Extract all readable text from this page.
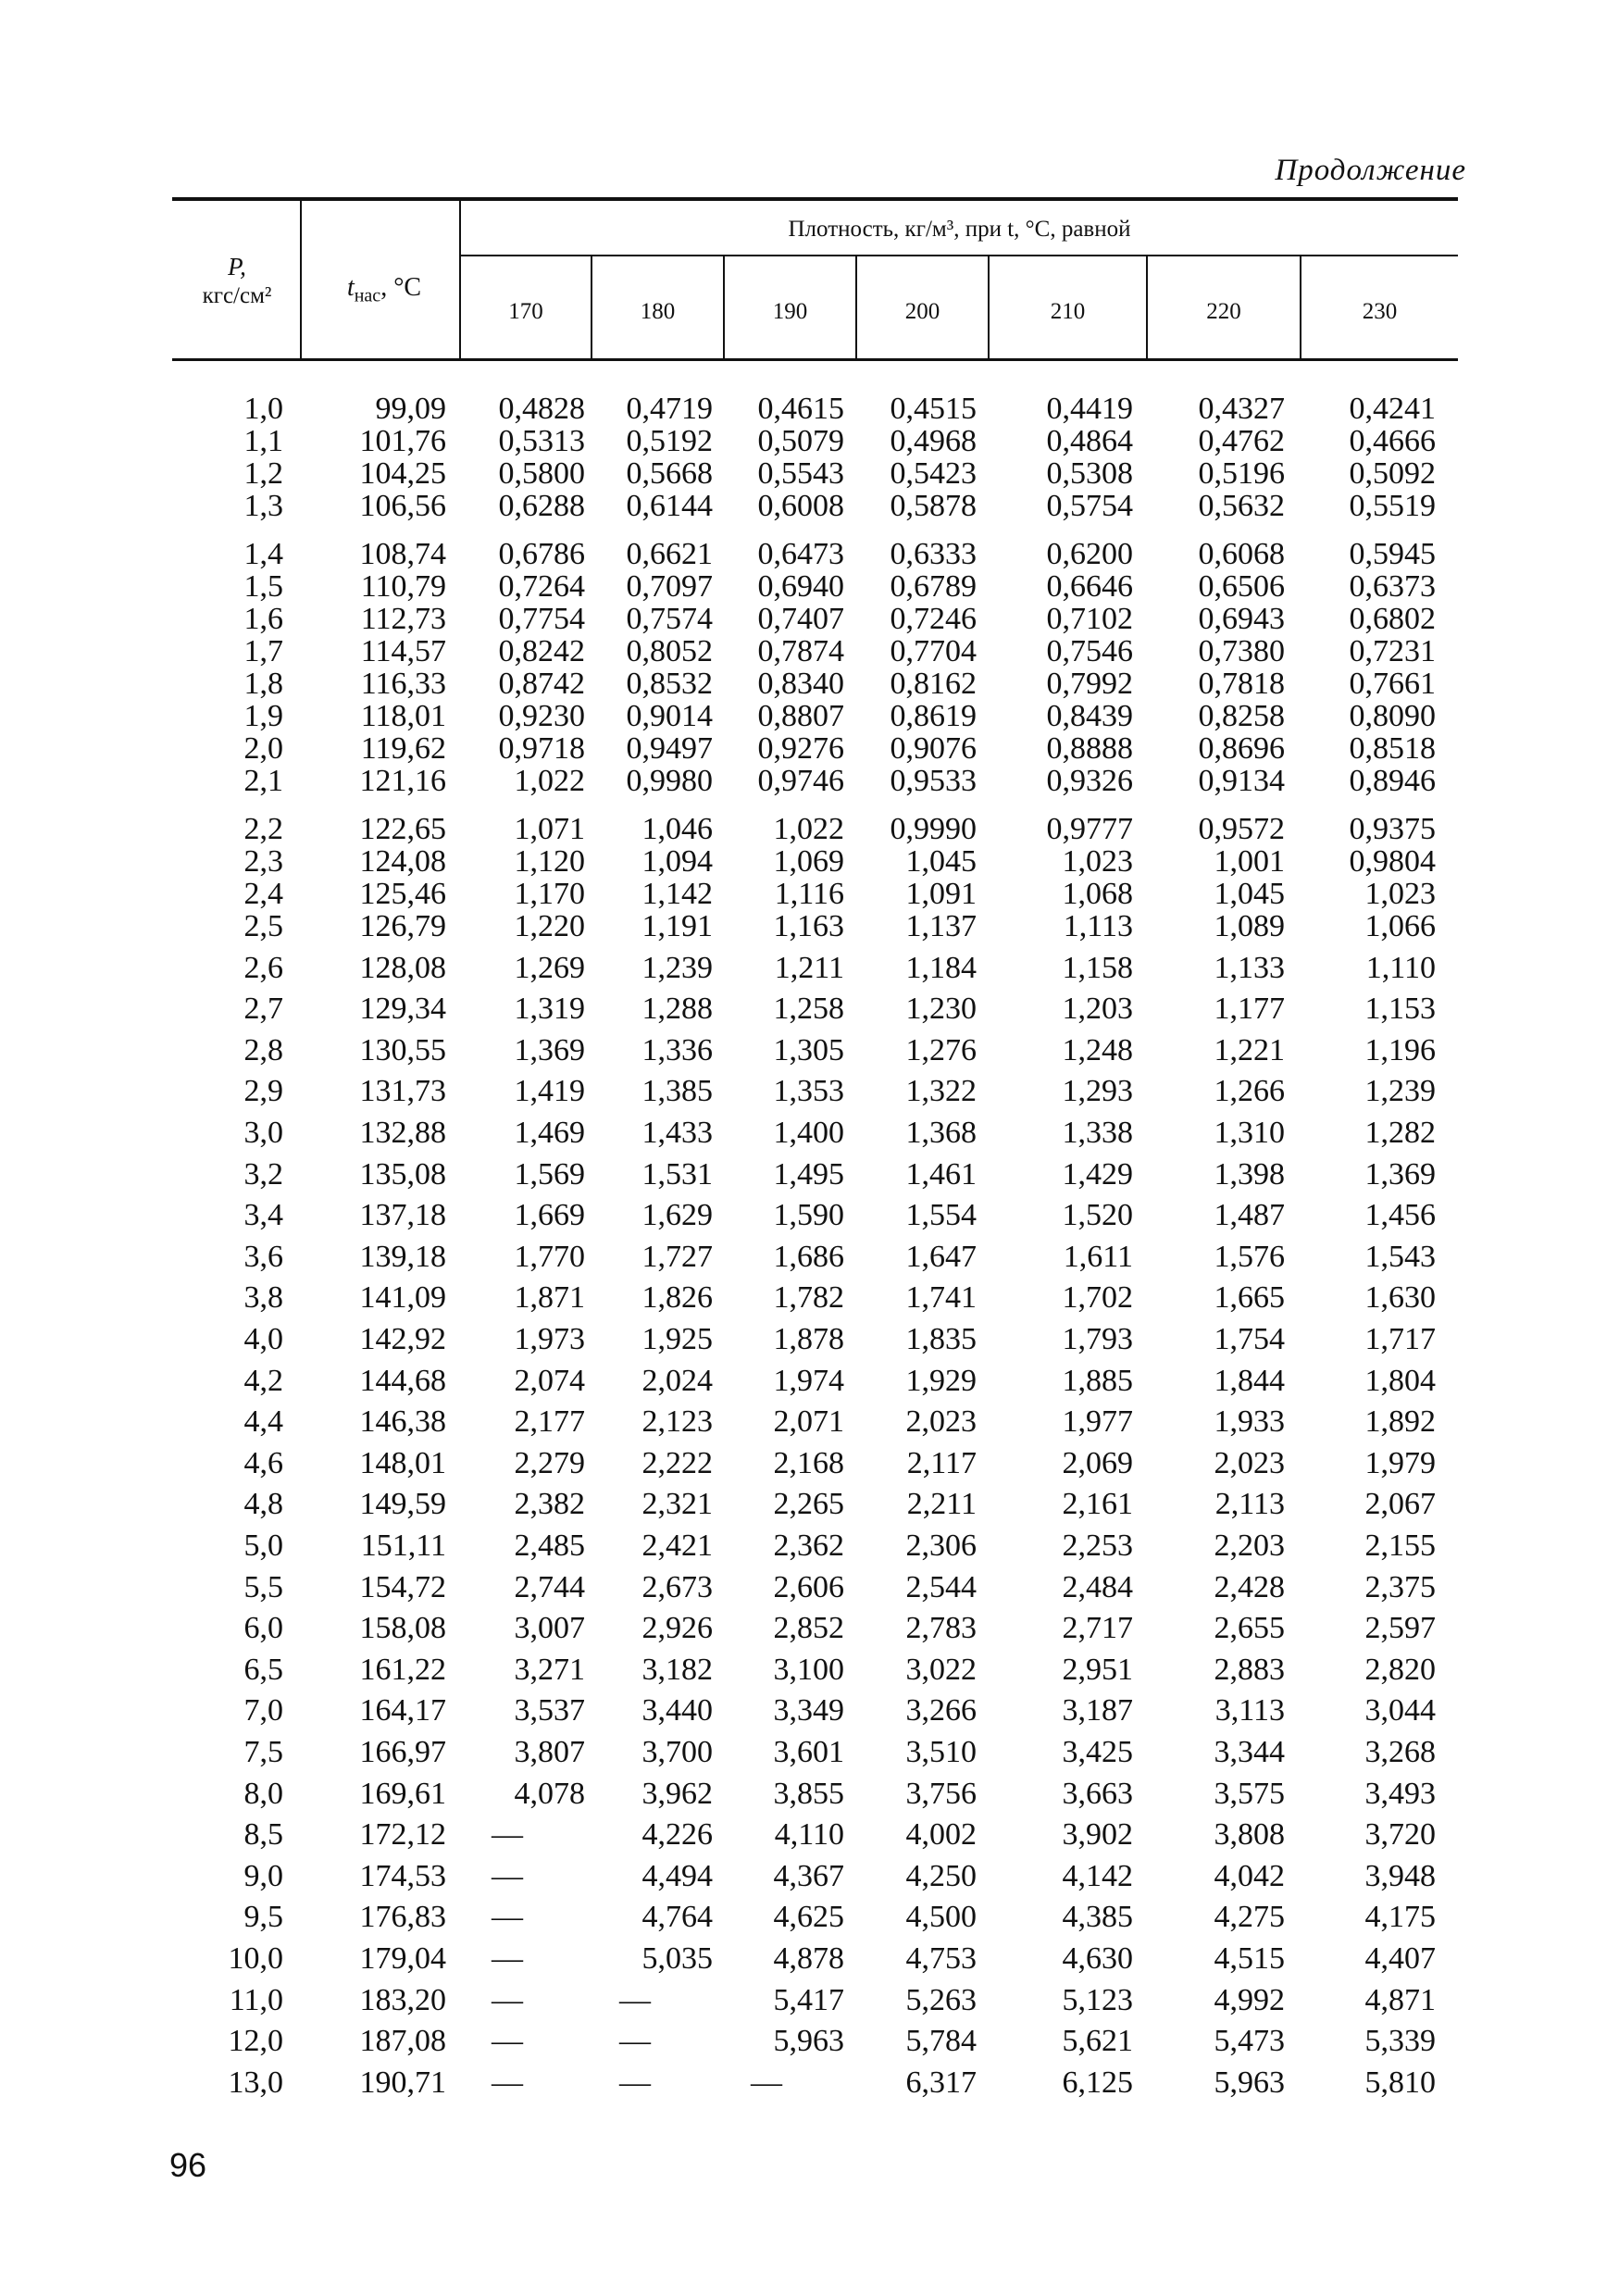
Продолжение
P,
кгс/см²	$t_{нас}$, °C
Плотность, кг/м³, при t, °C, равной
170	180	190	200	210	220	230
1,0	99,09	0,4828	0,4719	0,4615	0,4515	0,4419	0,4327	0,4241
1,1	101,76	0,5313	0,5192	0,5079	0,4968	0,4864	0,4762	0,4666
1,2	104,25	0,5800	0,5668	0,5543	0,5423	0,5308	0,5196	0,5092
1,3	106,56	0,6288	0,6144	0,6008	0,5878	0,5754	0,5632	0,5519
1,4	108,74	0,6786	0,6621	0,6473	0,6333	0,6200	0,6068	0,5945
1,5	110,79	0,7264	0,7097	0,6940	0,6789	0,6646	0,6506	0,6373
1,6	112,73	0,7754	0,7574	0,7407	0,7246	0,7102	0,6943	0,6802
1,7	114,57	0,8242	0,8052	0,7874	0,7704	0,7546	0,7380	0,7231
1,8	116,33	0,8742	0,8532	0,8340	0,8162	0,7992	0,7818	0,7661
1,9	118,01	0,9230	0,9014	0,8807	0,8619	0,8439	0,8258	0,8090
2,0	119,62	0,9718	0,9497	0,9276	0,9076	0,8888	0,8696	0,8518
2,1	121,16	1,022	0,9980	0,9746	0,9533	0,9326	0,9134	0,8946
2,2	122,65	1,071	1,046	1,022	0,9990	0,9777	0,9572	0,9375
2,3	124,08	1,120	1,094	1,069	1,045	1,023	1,001	0,9804
2,4	125,46	1,170	1,142	1,116	1,091	1,068	1,045	1,023
2,5	126,79	1,220	1,191	1,163	1,137	1,113	1,089	1,066
2,6	128,08	1,269	1,239	1,211	1,184	1,158	1,133	1,110
2,7	129,34	1,319	1,288	1,258	1,230	1,203	1,177	1,153
2,8	130,55	1,369	1,336	1,305	1,276	1,248	1,221	1,196
2,9	131,73	1,419	1,385	1,353	1,322	1,293	1,266	1,239
3,0	132,88	1,469	1,433	1,400	1,368	1,338	1,310	1,282
3,2	135,08	1,569	1,531	1,495	1,461	1,429	1,398	1,369
3,4	137,18	1,669	1,629	1,590	1,554	1,520	1,487	1,456
3,6	139,18	1,770	1,727	1,686	1,647	1,611	1,576	1,543
3,8	141,09	1,871	1,826	1,782	1,741	1,702	1,665	1,630
4,0	142,92	1,973	1,925	1,878	1,835	1,793	1,754	1,717
4,2	144,68	2,074	2,024	1,974	1,929	1,885	1,844	1,804
4,4	146,38	2,177	2,123	2,071	2,023	1,977	1,933	1,892
4,6	148,01	2,279	2,222	2,168	2,117	2,069	2,023	1,979
4,8	149,59	2,382	2,321	2,265	2,211	2,161	2,113	2,067
5,0	151,11	2,485	2,421	2,362	2,306	2,253	2,203	2,155
5,5	154,72	2,744	2,673	2,606	2,544	2,484	2,428	2,375
6,0	158,08	3,007	2,926	2,852	2,783	2,717	2,655	2,597
6,5	161,22	3,271	3,182	3,100	3,022	2,951	2,883	2,820
7,0	164,17	3,537	3,440	3,349	3,266	3,187	3,113	3,044
7,5	166,97	3,807	3,700	3,601	3,510	3,425	3,344	3,268
8,0	169,61	4,078	3,962	3,855	3,756	3,663	3,575	3,493
8,5	172,12	—	4,226	4,110	4,002	3,902	3,808	3,720
9,0	174,53	—	4,494	4,367	4,250	4,142	4,042	3,948
9,5	176,83	—	4,764	4,625	4,500	4,385	4,275	4,175
10,0	179,04	—	5,035	4,878	4,753	4,630	4,515	4,407
11,0	183,20	—	—	5,417	5,263	5,123	4,992	4,871
12,0	187,08	—	—	5,963	5,784	5,621	5,473	5,339
13,0	190,71	—	—	—	6,317	6,125	5,963	5,810
96
